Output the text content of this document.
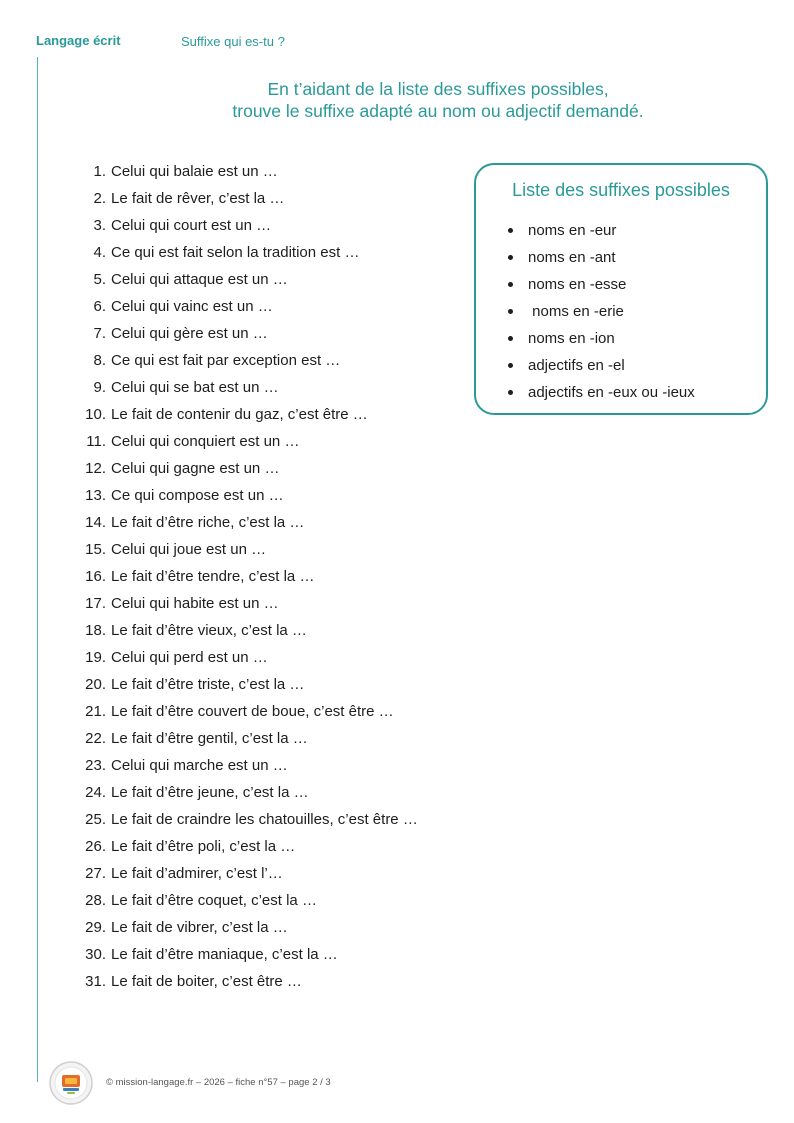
Langage écrit	Suffixe qui es-tu ?
En t’aidant de la liste des suffixes possibles,
trouve le suffixe adapté au nom ou adjectif demandé.
1. Celui qui balaie est un …
2. Le fait de rêver, c’est la …
3. Celui qui court est un …
4. Ce qui est fait selon la tradition est …
5. Celui qui attaque est un …
6. Celui qui vainc est un …
7. Celui qui gère est un …
8. Ce qui est fait par exception est …
9. Celui qui se bat est un …
10. Le fait de contenir du gaz, c’est être …
11. Celui qui conquiert est un …
12. Celui qui gagne est un …
13. Ce qui compose est un …
14. Le fait d’être riche, c’est la …
15. Celui qui joue est un …
16. Le fait d’être tendre, c’est la …
17. Celui qui habite est un …
18. Le fait d’être vieux, c’est la …
19. Celui qui perd est un …
20. Le fait d’être triste, c’est la …
21. Le fait d’être couvert de boue, c’est être …
22. Le fait d’être gentil, c’est la …
23. Celui qui marche est un …
24. Le fait d’être jeune, c’est la …
25. Le fait de craindre les chatouilles, c’est être …
26. Le fait d’être poli, c’est la …
27. Le fait d’admirer, c’est l’…
28. Le fait d’être coquet, c’est la …
29. Le fait de vibrer, c’est la …
30. Le fait d’être maniaque, c’est la …
31. Le fait de boiter, c’est être …
Liste des suffixes possibles
noms en -eur
noms en -ant
noms en -esse
noms en -erie
noms en -ion
adjectifs en -el
adjectifs en -eux ou -ieux
© mission-langage.fr – 2026 – fiche n°57 – page 2 / 3
